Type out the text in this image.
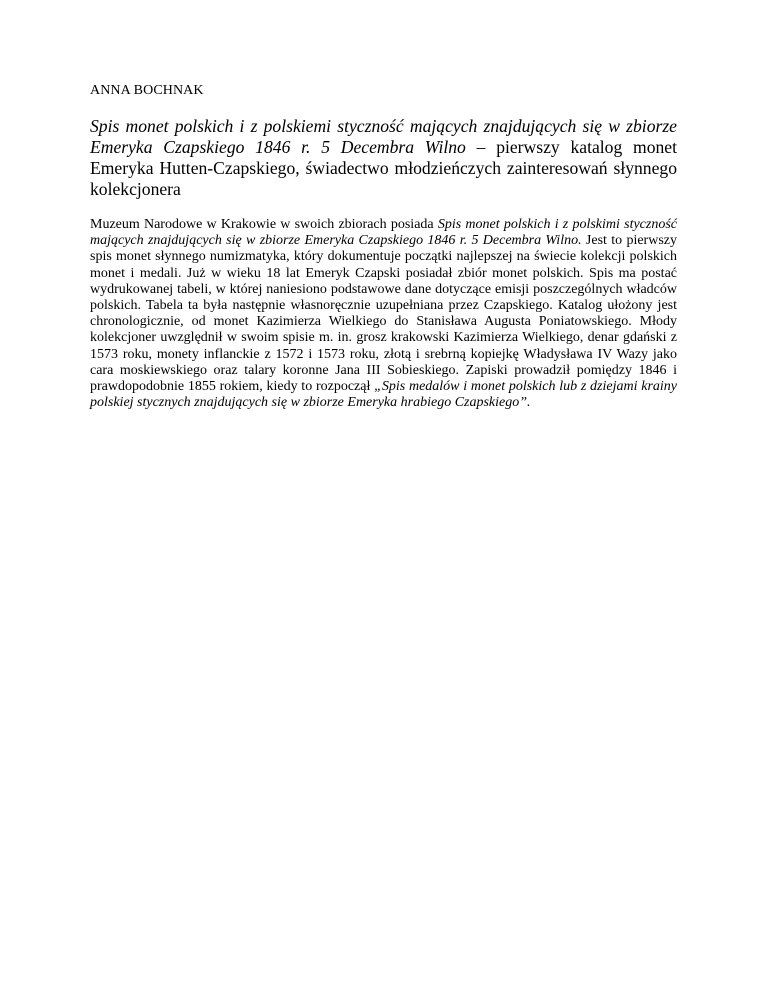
ANNA BOCHNAK
Spis monet polskich i z polskiemi styczność mających znajdujących się w zbiorze Emeryka Czapskiego 1846 r. 5 Decembra Wilno – pierwszy katalog monet Emeryka Hutten-Czapskiego, świadectwo młodzieńczych zainteresowań słynnego kolekcjonera

Muzeum Narodowe w Krakowie w swoich zbiorach posiada Spis monet polskich i z polskimi styczność mających znajdujących się w zbiorze Emeryka Czapskiego 1846 r. 5 Decembra Wilno. Jest to pierwszy spis monet słynnego numizmatyka, który dokumentuje początki najlepszej na świecie kolekcji polskich monet i medali. Już w wieku 18 lat Emeryk Czapski posiadał zbiór monet polskich. Spis ma postać wydrukowanej tabeli, w której naniesiono podstawowe dane dotyczące emisji poszczególnych władców polskich. Tabela ta była następnie własnoręcznie uzupełniana przez Czapskiego. Katalog ułożony jest chronologicznie, od monet Kazimierza Wielkiego do Stanisława Augusta Poniatowskiego. Młody kolekcjoner uwzględnił w swoim spisie m. in. grosz krakowski Kazimierza Wielkiego, denar gdański z 1573 roku, monety inflanckie z 1572 i 1573 roku, złotą i srebrną kopiejkę Władysława IV Wazy jako cara moskiewskiego oraz talary koronne Jana III Sobieskiego. Zapiski prowadził pomiędzy 1846 i prawdopodobnie 1855 rokiem, kiedy to rozpoczął „Spis medalów i monet polskich lub z dziejami krainy polskiej stycznych znajdujących się w zbiorze Emeryka hrabiego Czapskiego”.
